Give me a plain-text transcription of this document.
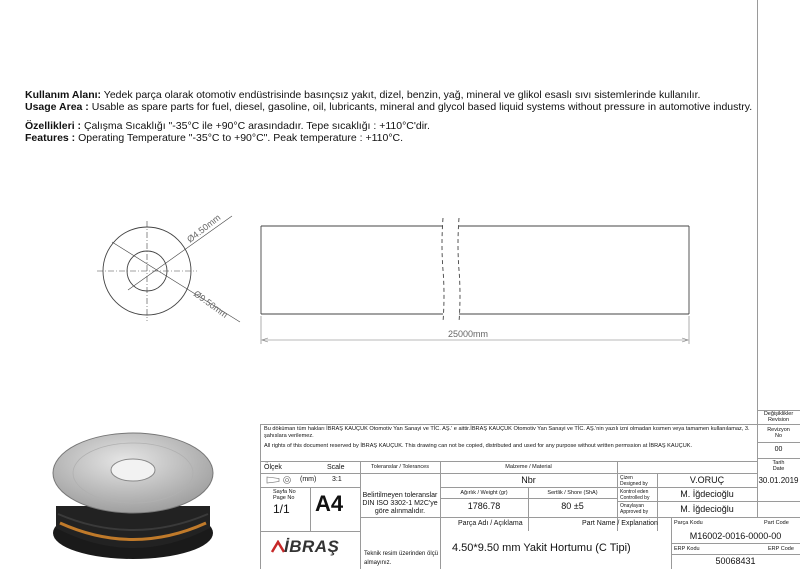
Kullanım Alanı: Yedek parça olarak otomotiv endüstrisinde basınçsız yakıt, dizel, benzin, yağ, mineral ve glikol esaslı sıvı sistemlerinde kullanılır.
Usage Area : Usable as spare parts for fuel, diesel, gasoline, oil, lubricants, mineral and glycol based liquid systems without pressure in automotive industry.
Özellikleri : Çalışma Sıcaklığı "-35°C ile +90°C arasındadır. Tepe sıcaklığı : +110°C'dir.
Features : Operating Temperature "-35°C to +90°C". Peak temperature : +110°C.
Ø4.50mm
Ø9.50mm
25000mm
Değişiklikler
Revision
Revizyon
No
00
Tarih
Date
Bu döküman tüm hakları İBRAŞ KAUÇUK Otomotiv Yan Sanayi ve TİC. AŞ.' e aittir.İBRAŞ KAUÇUK Otomotiv Yan Sanayi ve TİC. AŞ.'nin yazılı izni olmadan kısmen veya tamamen kullanılamaz, 3. şahıslara verilemez.
All rights of this document reserved by İBRAŞ KAUÇUK. This drawing can not be copied, distributed and used for any purpose without written permssion at İBRAŞ KAUÇUK.
Ölçek	Scale
(mm) 3:1
Sayfa No
Page No
1/1 A4
İBRAŞ
Toleranslar / Tolerances
Belirtilmeyen toleranslar
DIN ISO 3302-1 M2C'ye
göre alınmalıdır.
Malzeme / Material
Nbr
Ağırlık / Weight (gr)	Sertlik / Shore (ShA)
1786.78	80 ±5
Çizen
Designed by	V.ORUÇ
Kontrol eden
Controlled by	M. İğdecioğlu
Onaylayan
Approved by	M. İğdecioğlu
30.01.2019
Parça Adı / Açıklama	Part Name / Explanation
4.50*9.50 mm Yakit Hortumu (C Tipi)
Parça Kodu	Part Code
M16002-0016-0000-00
ERP Kodu	ERP Code
50068431
Teknik resim üzerinden ölçü
almayınız.
